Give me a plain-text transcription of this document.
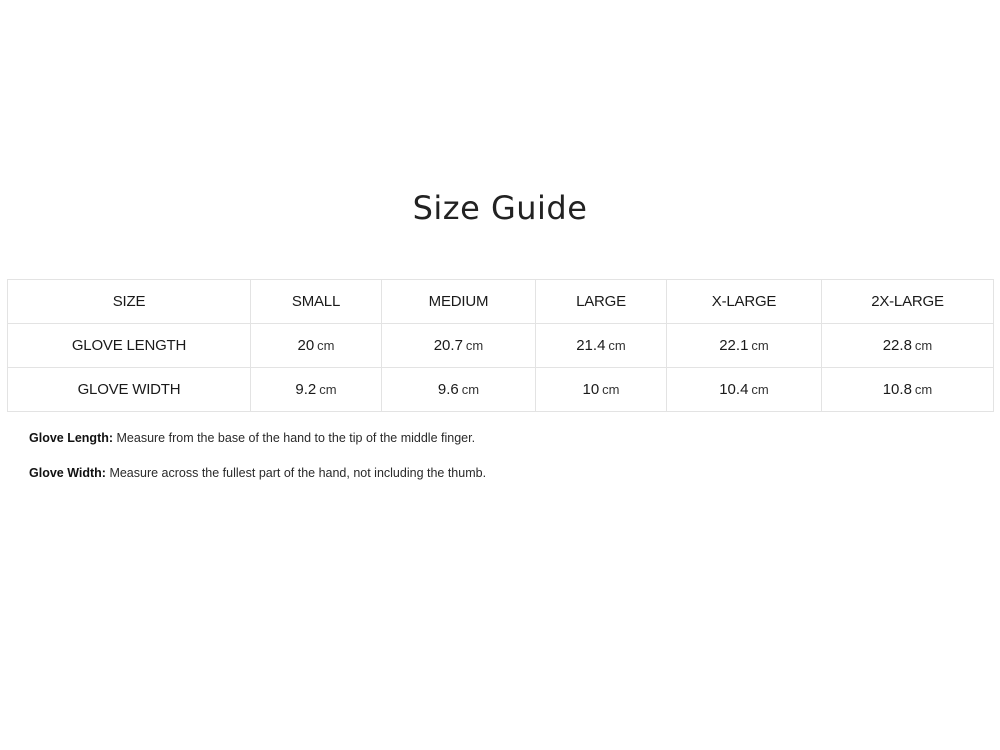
Size Guide
SIZE	SMALL	MEDIUM	LARGE	X-LARGE	2X-LARGE
GLOVE LENGTH	20 cm	20.7 cm	21.4 cm	22.1 cm	22.8 cm
GLOVE WIDTH	9.2 cm	9.6 cm	10 cm	10.4 cm	10.8 cm

Glove Length: Measure from the base of the hand to the tip of the middle finger.

Glove Width: Measure across the fullest part of the hand, not including the thumb.
